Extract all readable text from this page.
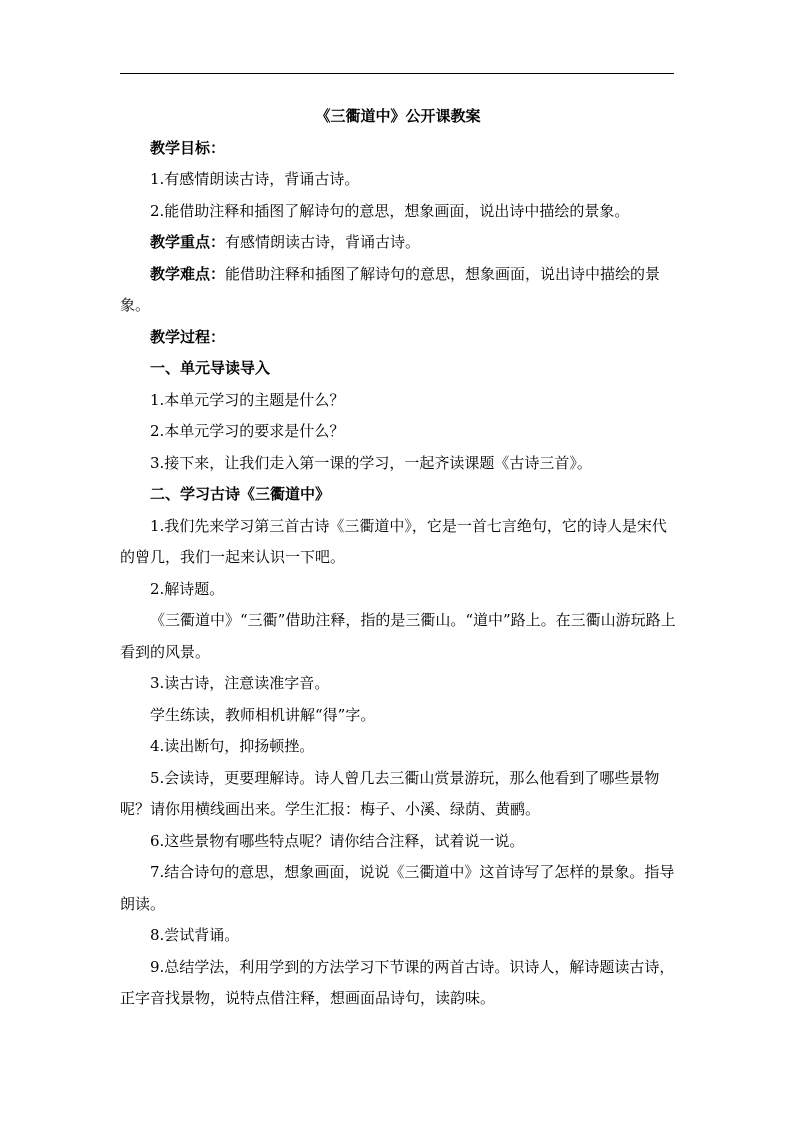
《三衢道中》公开课教案

教学目标：

1.有感情朗读古诗，背诵古诗。

2.能借助注释和插图了解诗句的意思，想象画面，说出诗中描绘的景象。

教学重点：有感情朗读古诗，背诵古诗。

教学难点：能借助注释和插图了解诗句的意思，想象画面，说出诗中描绘的景象。

教学过程：

一、单元导读导入

1.本单元学习的主题是什么？

2.本单元学习的要求是什么？

3.接下来，让我们走入第一课的学习，一起齐读课题《古诗三首》。

二、学习古诗《三衢道中》

1.我们先来学习第三首古诗《三衢道中》，它是一首七言绝句，它的诗人是宋代的曾几，我们一起来认识一下吧。

2.解诗题。

《三衢道中》“三衢”借助注释，指的是三衢山。“道中”路上。在三衢山游玩路上看到的风景。

3.读古诗，注意读准字音。

学生练读，教师相机讲解“得”字。

4.读出断句，抑扬顿挫。

5.会读诗，更要理解诗。诗人曾几去三衢山赏景游玩，那么他看到了哪些景物呢？请你用横线画出来。学生汇报：梅子、小溪、绿荫、黄鹂。

6.这些景物有哪些特点呢？请你结合注释，试着说一说。

7.结合诗句的意思，想象画面，说说《三衢道中》这首诗写了怎样的景象。指导朗读。

8.尝试背诵。

9.总结学法，利用学到的方法学习下节课的两首古诗。识诗人，解诗题读古诗，正字音找景物，说特点借注释，想画面品诗句，读韵味。
